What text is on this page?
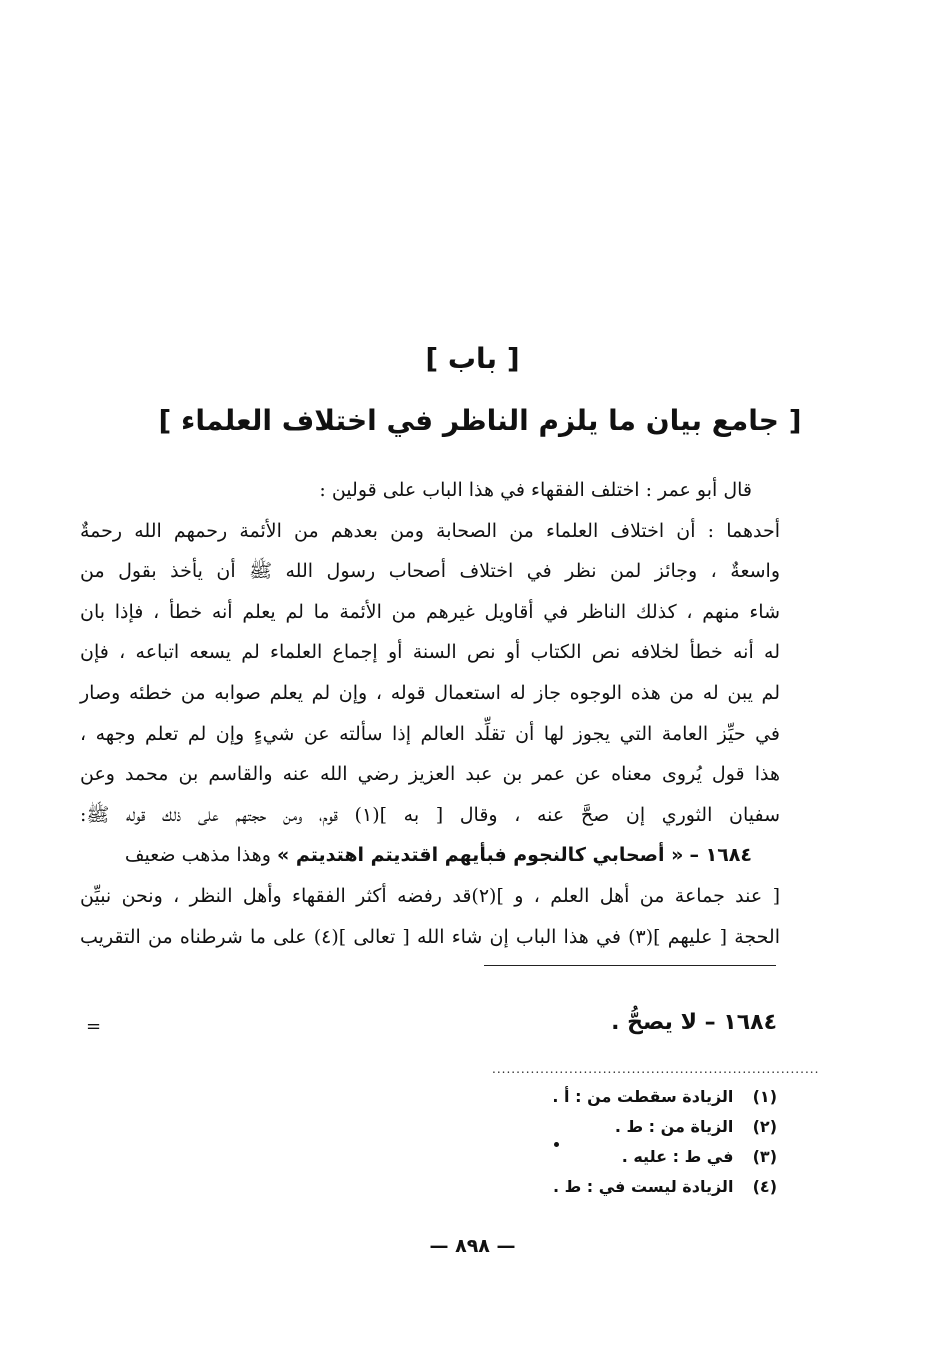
[ باب ]
[ جامع بيان ما يلزم الناظر في اختلاف العلماء ]
قال أبو عمر : اختلف الفقهاء في هذا الباب على قولين :
أحدهما : أن اختلاف العلماء من الصحابة ومن بعدهم من الأئمة رحمهم الله رحمةٌ
واسعةٌ ، وجائز لمن نظر في اختلاف أصحاب رسول الله ﷺ أن يأخذ بقول من
شاء منهم ، كذلك الناظر في أقاويل غيرهم من الأئمة ما لم يعلم أنه خطأ ، فإذا بان
له أنه خطأ لخلافه نص الكتاب أو نص السنة أو إجماع العلماء لم يسعه اتباعه ، فإن
لم يبن له من هذه الوجوه جاز له استعمال قوله ، وإن لم يعلم صوابه من خطئه وصار
في حيِّز العامة التي يجوز لها أن تقلِّد العالم إذا سألته عن شيءٍ وإن لم تعلم وجهه ،
هذا قول يُروى معناه عن عمر بن عبد العزيز رضي الله عنه والقاسم بن محمد وعن
سفيان الثوري إن صحَّ عنه ، وقال [ به ](١) قوم، ومن حجتهم على ذلك قوله ﷺ:
١٦٨٤ – « أصحابي كالنجوم فبأيهم اقتديتم اهتديتم » وهذا مذهب ضعيف
[ عند جماعة من أهل العلم ، و ](٢)قد رفضه أكثر الفقهاء وأهل النظر ، ونحن نبيِّن
الحجة [ عليهم ](٣) في هذا الباب إن شاء الله [ تعالى ](٤) على ما شرطناه من التقريب
١٦٨٤ – لا يصحُّ .
=
....................................................................
(١) الزيادة سقطت من : أ .
(٢) الزياة من : ط .
(٣) في ط : عليه .
(٤) الزيادة ليست في : ط .
— ٨٩٨ —
